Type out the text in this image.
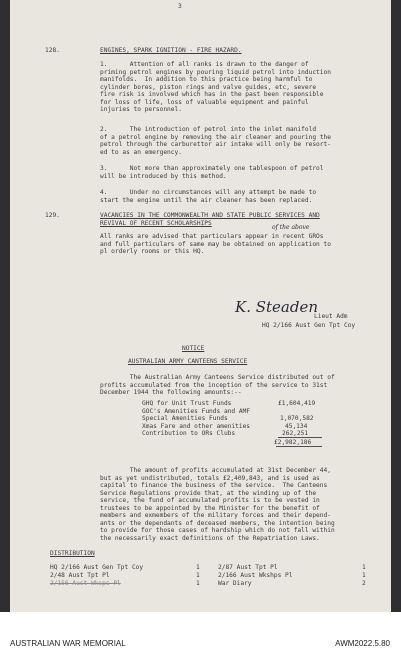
3
128.	ENGINES, SPARK IGNITION - FIRE HAZARD.
1.      Attention of all ranks is drawn to the danger of
priming petrol engines by pouring liquid petrol into induction
manifolds.  In addition to this practice being harmful to
cylinder bores, piston rings and valve guides, etc, severe
fire risk is involved which has in the past been responsible
for loss of life, loss of valuable equipment and painful
injuries to personnel.
2.      The introduction of petrol into the inlet manifold
of a petrol engine by removing the air cleaner and pouring the
petrol through the carburettor air intake will only be resort-
ed to as an emergency.
3.      Not more than approximately one tablespoon of petrol
will be introduced by this method.
4.      Under no circumstances will any attempt be made to
start the engine until the air cleaner has been replaced.
129.	VACANCIES IN THE COMMONWEALTH AND STATE PUBLIC SERVICES AND
REVIVAL OF RECENT SCHOLARSHIPS
of the above
All ranks are advised that particulars appear in recent GROs
and full particulars of same may be obtained on application to
pl orderly rooms or this HQ.
K. Steaden
Lieut Adm
HQ 2/166 Aust Gen Tpt Coy
NOTICE
AUSTRALIAN ARMY CANTEENS SERVICE
The Australian Army Canteens Service distributed out of
profits accumulated from the inception of the service to 31st
December 1944 the following amounts:--
GHQ for Unit Trust Funds	£1,604,419
GOC's Amenities Funds and AMF
Special Amenities Funds	1,070,582
Xmas Fare and other amenities	45,134
Contribution to ORs Clubs	262,251
£2,982,186
The amount of profits accumulated at 31st December 44,
but as yet undistributed, totals £2,409,843, and is used as
capital to finance the business of the service.  The Canteens
Service Regulations provide that, at the winding up of the
service, the fund of accumulated profits is to be vested in
trustees to be appointed by the Minister for the benefit of
members and exmembers of the military forces and their depend-
ants or the dependants of deceased members, the intention being
to provide for those cases of hardship which do not fall within
the necessarily exact definitions of the Repatriation Laws.
DISTRIBUTION
HQ 2/166 Aust Gen Tpt Coy	1	2/87 Aust Tpt Pl	1
2/48 Aust Tpt Pl	1	2/166 Aust Wkshps Pl	1
2/156 Aust Wksps Pl	1	War Diary	2
AUSTRALIAN WAR MEMORIAL	AWM2022.5.80
